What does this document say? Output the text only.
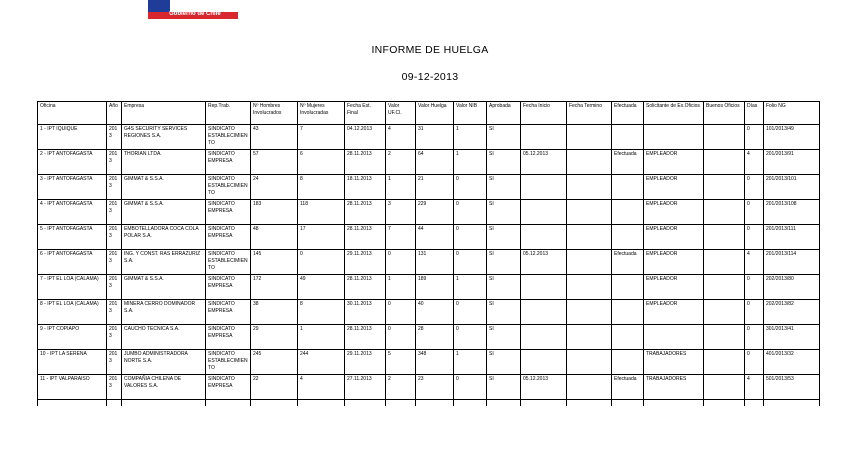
Gobierno de Chile
INFORME DE HUELGA
09-12-2013
Oficina	Año	Empresa	Rep.Trab.	Nº Hombres Involucrados	Nº Mujeres Involucradas	Fecha Est. Final	Valor UF.Cl.	Valor Huelga	Valor NIB	Aprobada	Fecha Inicio	Fecha Termino	Efectuada	Solicitante de Ex.Oficios	Buenos Oficios	Días	Folio NG
1 - IPT IQUIQUE	2013	G4S SECURITY SERVICES REGIONES S.A.	SINDICATO ESTABLECIMIENTO	43	7	04.12.2013	4	31	1	SI						0	101/2013/49
2 - IPT ANTOFAGASTA	2013	THORIAN LTDA.	SINDICATO EMPRESA	57	6	28.11.2013	2	64	1	SI	05.12.2013		Efectuada	EMPLEADOR		4	201/2013/91
3 - IPT ANTOFAGASTA	2013	GIMMAT & S.S.A.	SINDICATO ESTABLECIMIENTO	24	8	18.11.2013	1	21	0	SI				EMPLEADOR		0	201/2013/101
4 - IPT ANTOFAGASTA	2013	GIMMAT & S.S.A.	SINDICATO EMPRESA	183	118	28.11.2013	3	229	0	SI				EMPLEADOR		0	201/2013/108
5 - IPT ANTOFAGASTA	2013	EMBOTELLADORA COCA COLA POLAR S.A.	SINDICATO EMPRESA	48	17	28.11.2013	7	44	0	SI				EMPLEADOR		0	201/2013/111
6 - IPT ANTOFAGASTA	2013	ING. Y CONST. RAS ERRAZURIZ S.A.	SINDICATO ESTABLECIMIENTO	145	0	29.11.2013	0	131	0	SI	05.12.2013		Efectuada	EMPLEADOR		4	201/2013/114
7 - IPT EL LOA (CALAMA)	2013	GIMMAT & S.S.A.	SINDICATO EMPRESA	172	49	28.11.2013	1	189	1	SI				EMPLEADOR		0	202/2013/80
8 - IPT EL LOA (CALAMA)	2013	MINERA CERRO DOMINADOR S.A.	SINDICATO EMPRESA	38	8	30.11.2013	0	40	0	SI				EMPLEADOR		0	202/2013/82
9 - IPT COPIAPO	2013	CAUCHO TECNICA S.A.	SINDICATO EMPRESA	29	1	28.11.2013	0	28	0	SI						0	301/2013/41
10 - IPT LA SERENA	2013	JUMBO ADMINISTRADORA NORTE S.A.	SINDICATO ESTABLECIMIENTO	245	244	29.11.2013	5	348	1	SI				TRABAJADORES		0	401/2013/32
11 - IPT VALPARAISO	2013	COMPAÑIA CHILENA DE VALORES S.A.	SINDICATO EMPRESA	22	4	27.11.2013	2	23	0	SI	05.12.2013		Efectuada	TRABAJADORES		4	501/2013/53
